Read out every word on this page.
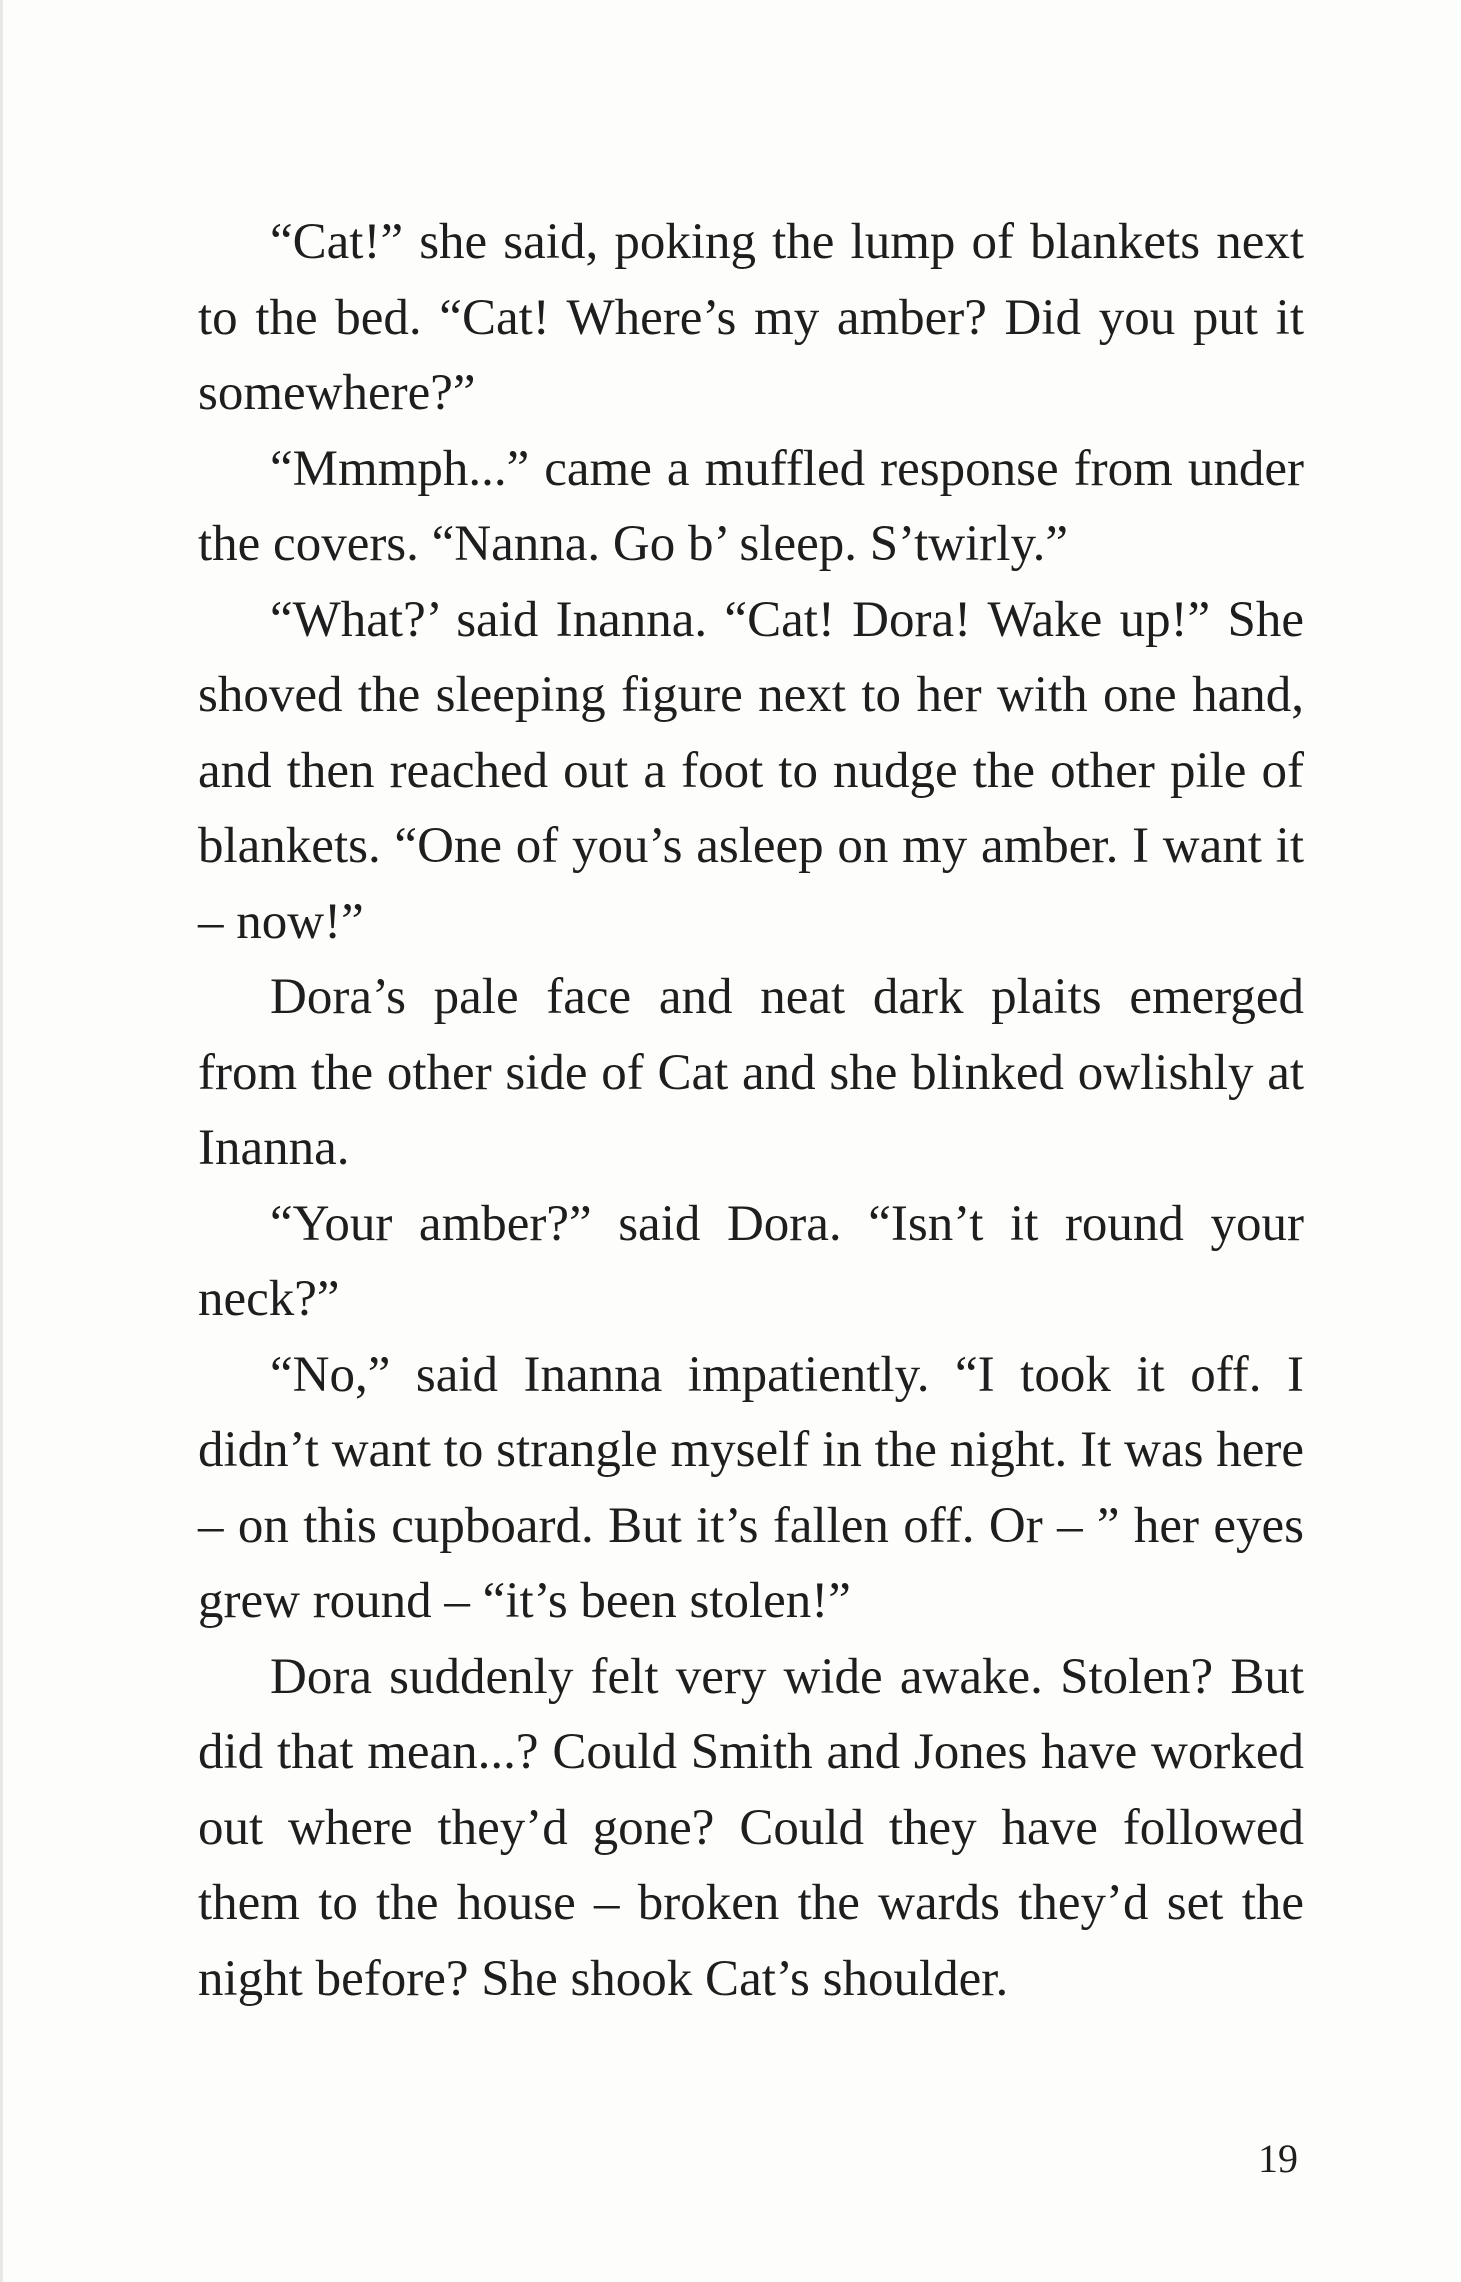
“Cat!” she said, poking the lump of blankets next to the bed. “Cat! Where’s my amber? Did you put it somewhere?”

“Mmmph...” came a muffled response from under the covers. “Nanna. Go b’ sleep. S’twirly.”

“What?’ said Inanna. “Cat! Dora! Wake up!” She shoved the sleeping figure next to her with one hand, and then reached out a foot to nudge the other pile of blankets. “One of you’s asleep on my amber. I want it – now!”

Dora’s pale face and neat dark plaits emerged from the other side of Cat and she blinked owlishly at Inanna.

“Your amber?” said Dora. “Isn’t it round your neck?”

“No,” said Inanna impatiently. “I took it off. I didn’t want to strangle myself in the night. It was here – on this cupboard. But it’s fallen off. Or – ” her eyes grew round – “it’s been stolen!”

Dora suddenly felt very wide awake. Stolen? But did that mean...? Could Smith and Jones have worked out where they’d gone? Could they have followed them to the house – broken the wards they’d set the night before? She shook Cat’s shoulder.

19
